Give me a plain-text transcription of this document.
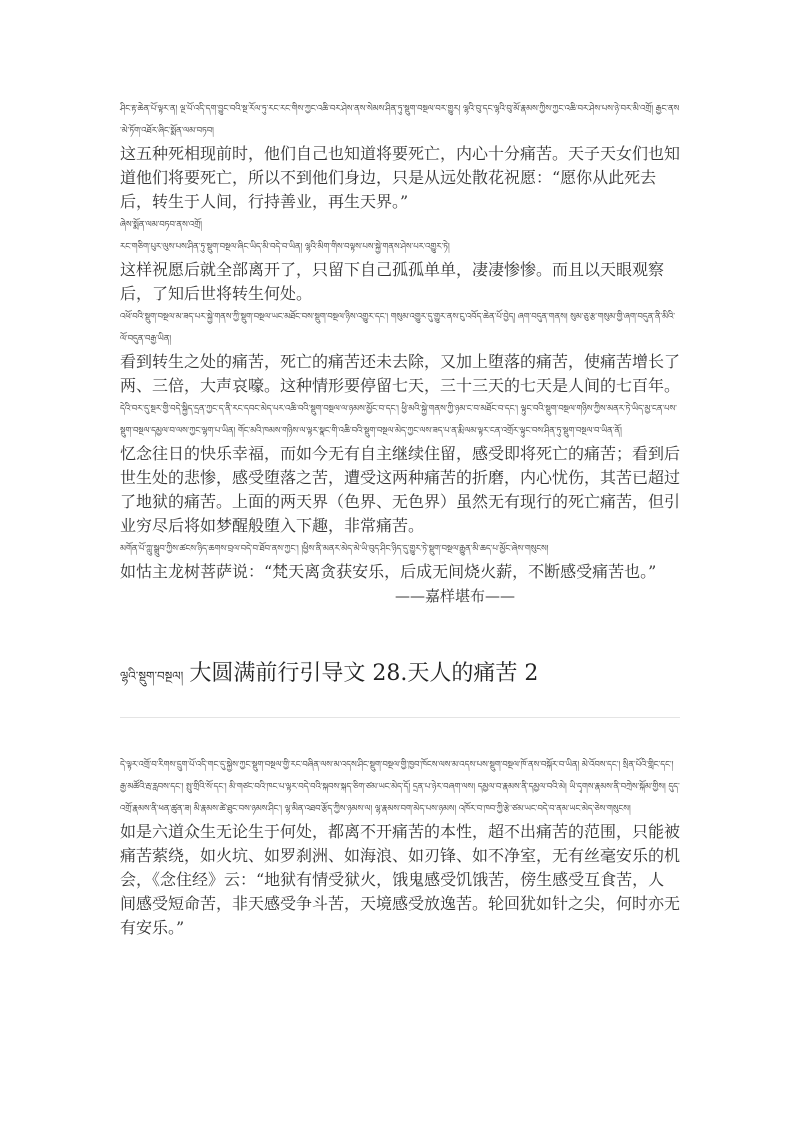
ཤིང་རྟ་ཆེན་པོ་ལྟར་ན། ལྔ་པོ་འདི་དག་བྱུང་བའི་སྔ་རོལ་ཏུ་རང་རང་གིས་ཀྱང་འཆི་བར་ཤེས་ནས་སེམས་ཤིན་ཏུ་སྡུག་བསྔལ་བར་གྱུར། ལྷའི་བུ་དང་ལྷའི་བུ་མོ་རྣམས་ཀྱིས་ཀྱང་འཆི་བར་ཤེས་པས་ཉེ་བར་མི་འགྲོ། རྒྱང་ནས་མེ་ཏོག་འཐོར་ཞིང་སྨོན་ལམ་བཏབ།

这五种死相现前时，他们自己也知道将要死亡，内心十分痛苦。天子天女们也知道他们将要死亡，所以不到他们身边，只是从远处散花祝愿：“愿你从此死去后，转生于人间，行持善业，再生天界。”

ཞེས་སྨོན་ལམ་བཏབ་ནས་འགྲོ།

རང་གཅིག་པུར་ལུས་པས་ཤིན་ཏུ་སྡུག་བསྔལ་ཞིང་ཡིད་མི་བདེ་བ་ཡིན། ལྷའི་མིག་གིས་བལྟས་པས་སྐྱེ་གནས་ཤེས་པར་འགྱུར་ཏེ།

这样祝愿后就全部离开了，只留下自己孤孤单单，凄凄惨惨。而且以天眼观察后，了知后世将转生何处。

འཕོ་བའི་སྡུག་བསྔལ་མ་ཟད་པར་སྐྱེ་གནས་ཀྱི་སྡུག་བསྔལ་ཡང་མཐོང་བས་སྡུག་བསྔལ་ཉིས་འགྱུར་དང་། གསུམ་འགྱུར་དུ་གྱུར་ནས་ངུ་འབོད་ཆེན་པོ་བྱེད། ཞག་བདུན་གནས། སུམ་ཅུ་རྩ་གསུམ་གྱི་ཞག་བདུན་ནི་མིའི་ལོ་བདུན་བརྒྱ་ཡིན།

看到转生之处的痛苦，死亡的痛苦还未去除，又加上堕落的痛苦，使痛苦增长了两、三倍，大声哀嚎。这种情形要停留七天，三十三天的七天是人间的七百年。

དེའི་བར་དུ་སྔར་གྱི་བདེ་སྐྱིད་དྲན་ཀྱང་ད་ནི་རང་དབང་མེད་པར་འཆི་བའི་སྡུག་བསྔལ་ལ་ཉམས་མྱོང་བ་དང་། ཕྱི་མའི་སྐྱེ་གནས་ཀྱི་ཉམ་ང་བ་མཐོང་བ་དང་། ལྟུང་བའི་སྡུག་བསྔལ་གཉིས་ཀྱིས་མནར་ཏེ་ཡིད་མྱ་ངན་པས་སྡུག་བསྔལ་དམྱལ་བ་ལས་ཀྱང་ལྷག་པ་ཡིན། གོང་མའི་ཁམས་གཉིས་ལ་ལྟར་སྣང་གི་འཆི་བའི་སྡུག་བསྔལ་མེད་ཀྱང་ལས་ཟད་པ་ན་རྨི་ལམ་ལྟར་ངན་འགྲོར་ལྟུང་བས་ཤིན་ཏུ་སྡུག་བསྔལ་བ་ཡིན་ནོ།

忆念往日的快乐幸福，而如今无有自主继续住留，感受即将死亡的痛苦；看到后世生处的悲惨，感受堕落之苦，遭受这两种痛苦的折磨，内心忧伤，其苦已超过了地狱的痛苦。上面的两天界（色界、无色界）虽然无有现行的死亡痛苦，但引业穷尽后将如梦醒般堕入下趣，非常痛苦。

མགོན་པོ་ཀླུ་སྒྲུབ་ཀྱིས་ཚངས་ཉིད་ཆགས་བྲལ་བདེ་བ་ཐོབ་ནས་ཀྱང་། །ཕྱིས་ནི་མནར་མེད་མེ་ཡི་བུད་ཤིང་ཉིད་དུ་གྱུར་ཏེ་སྡུག་བསྔལ་རྒྱུན་མི་ཆད་པ་མྱོང་ཞེས་གསུངས།

如怙主龙树菩萨说：“梵天离贪获安乐，后成无间烧火薪，不断感受痛苦也。”

——嘉样堪布——

ལྷའི་སྡུག་བསྔལ། 大圆满前行引导文 28.天人的痛苦 2

དེ་ལྟར་འགྲོ་བ་རིགས་དྲུག་པོ་འདི་གང་དུ་སྐྱེས་ཀྱང་སྡུག་བསྔལ་གྱི་རང་བཞིན་ལས་མ་འདས་ཤིང་སྡུག་བསྔལ་གྱི་ཁྱབ་ཁོངས་ལས་མ་འདས་པས་སྡུག་བསྔལ་ཁོ་ནས་བསྐོར་བ་ཡིན། མེ་འོབས་དང་། སྲིན་པོའི་གླིང་དང་། རྒྱ་མཚོའི་རྦ་རླབས་དང་། སྤུ་གྲིའི་སོ་དང་། མི་གཙང་བའི་ཁང་པ་ལྟར་བདེ་བའི་སྐབས་སྐད་ཅིག་ཙམ་ཡང་མེད་དོ། དྲན་པ་ཉེར་བཞག་ལས། དམྱལ་བ་རྣམས་ནི་དམྱལ་བའི་མེ། ཡི་དྭགས་རྣམས་ནི་བཀྲེས་སྐོམ་གྱིས། དུད་འགྲོ་རྣམས་ནི་ཕན་ཚུན་ཟ། མི་རྣམས་ཚེ་ཐུང་བས་ཉམས་ཤིང་། ལྷ་མིན་འཐབ་རྩོད་ཀྱིས་ཉམས་ལ། ལྷ་རྣམས་བག་མེད་པས་ཉམས། འཁོར་བ་ཁབ་ཀྱི་རྩེ་ཙམ་ཡང་བདེ་བ་ནམ་ཡང་མེད་ཅེས་གསུངས།

如是六道众生无论生于何处，都离不开痛苦的本性，超不出痛苦的范围，只能被痛苦萦绕，如火坑、如罗刹洲、如海浪、如刃锋、如不净室，无有丝毫安乐的机会，《念住经》云：“地狱有情受狱火，饿鬼感受饥饿苦，傍生感受互食苦，人间感受短命苦，非天感受争斗苦，天境感受放逸苦。轮回犹如针之尖，何时亦无有安乐。”
